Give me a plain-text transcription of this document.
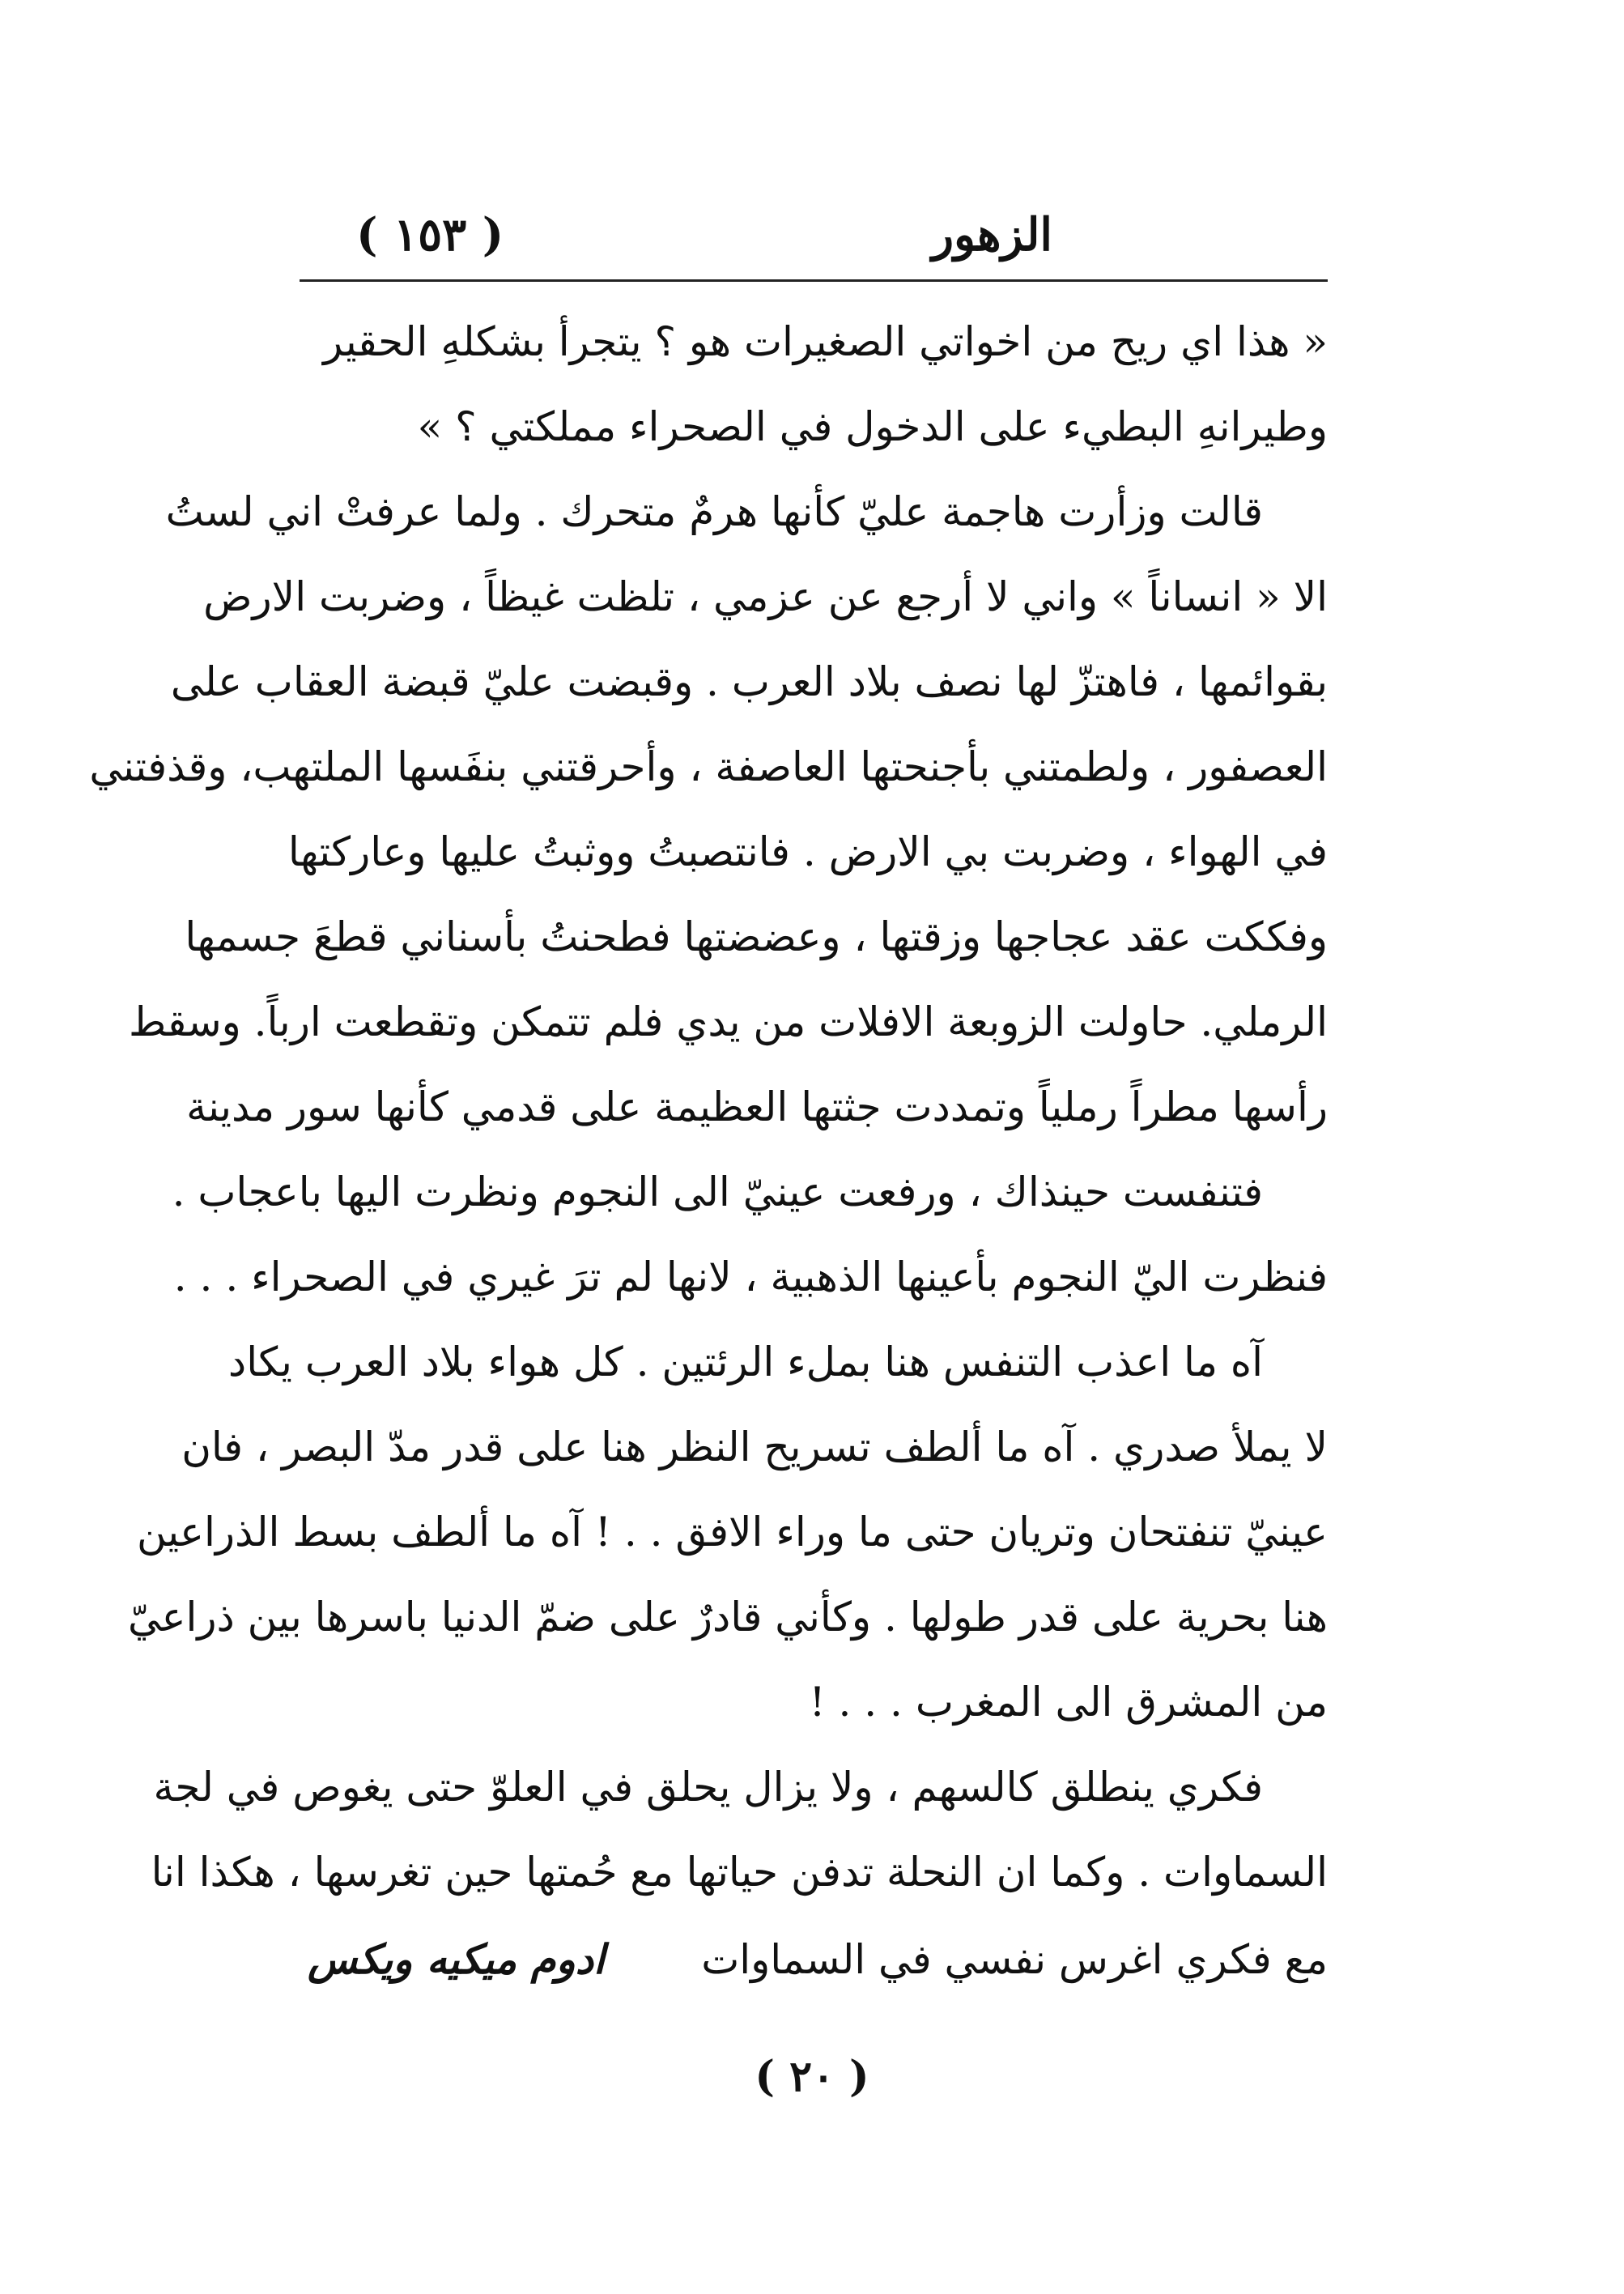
الزهور
( ١٥٣ )
« هذا اي ريح من اخواتي الصغيرات هو ؟ يتجرأ بشكلهِ الحقير
وطيرانهِ البطيء على الدخول في الصحراء مملكتي ؟ »
قالت وزأرت هاجمة عليّ كأنها هرمٌ متحرك . ولما عرفتْ اني لستُ
الا « انساناً » واني لا أرجع عن عزمي ، تلظت غيظاً ، وضربت الارض
بقوائمها ، فاهتزّ لها نصف بلاد العرب . وقبضت عليّ قبضة العقاب على
العصفور ، ولطمتني بأجنحتها العاصفة ، وأحرقتني بنفَسها الملتهب، وقذفتني
في الهواء ، وضربت بي الارض . فانتصبتُ ووثبتُ عليها وعاركتها
وفككت عقد عجاجها وزقتها ، وعضضتها فطحنتُ بأسناني قطعَ جسمها
الرملي. حاولت الزوبعة الافلات من يدي فلم تتمكن وتقطعت ارباً. وسقط
رأسها مطراً رملياً وتمددت جثتها العظيمة على قدمي كأنها سور مدينة
فتنفست حينذاك ، ورفعت عينيّ الى النجوم ونظرت اليها باعجاب .
فنظرت اليّ النجوم بأعينها الذهبية ، لانها لم ترَ غيري في الصحراء . . .
آه ما اعذب التنفس هنا بملء الرئتين . كل هواء بلاد العرب يكاد
لا يملأ صدري . آه ما ألطف تسريح النظر هنا على قدر مدّ البصر ، فان
عينيّ تنفتحان وتريان حتى ما وراء الافق . . ! آه ما ألطف بسط الذراعين
هنا بحرية على قدر طولها . وكأني قادرٌ على ضمّ الدنيا باسرها بين ذراعيّ
من المشرق الى المغرب . . . !
فكري ينطلق كالسهم ، ولا يزال يحلق في العلوّ حتى يغوص في لجة
السماوات . وكما ان النحلة تدفن حياتها مع حُمتها حين تغرسها ، هكذا انا
مع فكري اغرس نفسي في السماوات
ادوم ميكيه ويكس
( ٢٠ )
